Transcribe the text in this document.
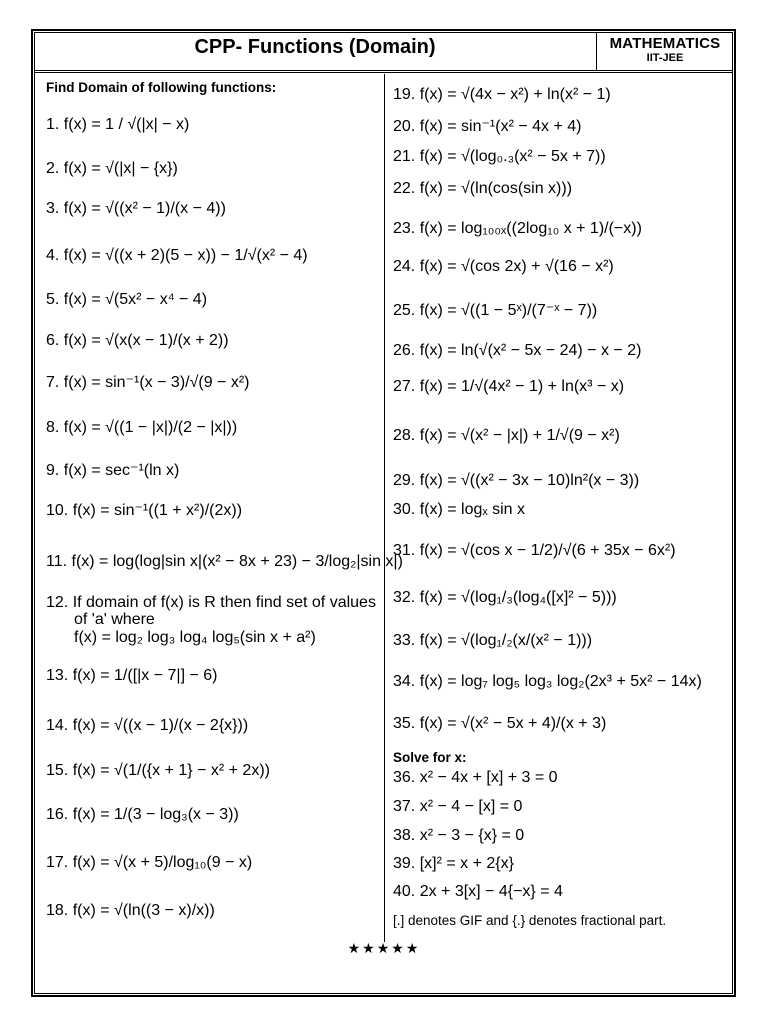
CPP- Functions (Domain)	MATHEMATICS
IIT-JEE
Find Domain of following functions:
1. f(x) = 1 / √(|x| − x)
2. f(x) = √(|x| − {x})
3. f(x) = √((x² − 1)/(x − 4))
4. f(x) = √((x + 2)(5 − x)) − 1/√(x² − 4)
5. f(x) = √(5x² − x⁴ − 4)
6. f(x) = √(x(x − 1)/(x + 2))
7. f(x) = sin⁻¹(x − 3)/√(9 − x²)
8. f(x) = √((1 − |x|)/(2 − |x|))
9. f(x) = sec⁻¹(ln x)
10. f(x) = sin⁻¹((1 + x²)/(2x))
11. f(x) = log(log|sin x|(x² − 8x + 23) − 3/log₂|sin x|)
12. If domain of f(x) is R then find set of values
of 'a' where
f(x) = log₂ log₃ log₄ log₅(sin x + a²)
13. f(x) = 1/([|x − 7|] − 6)
14. f(x) = √((x − 1)/(x − 2{x}))
15. f(x) = √(1/({x + 1} − x² + 2x))
16. f(x) = 1/(3 − log₃(x − 3))
17. f(x) = √(x + 5)/log₁₀(9 − x)
18. f(x) = √(ln((3 − x)/x))
19. f(x) = √(4x − x²) + ln(x² − 1)
20. f(x) = sin⁻¹(x² − 4x + 4)
21. f(x) = √(log₀.₃(x² − 5x + 7))
22. f(x) = √(ln(cos(sin x)))
23. f(x) = log₁₀₀ₓ((2log₁₀ x + 1)/(−x))
24. f(x) = √(cos 2x) + √(16 − x²)
25. f(x) = √((1 − 5ˣ)/(7⁻ˣ − 7))
26. f(x) = ln(√(x² − 5x − 24) − x − 2)
27. f(x) = 1/√(4x² − 1) + ln(x³ − x)
28. f(x) = √(x² − |x|) + 1/√(9 − x²)
29. f(x) = √((x² − 3x − 10)ln²(x − 3))
30. f(x) = logₓ sin x
31. f(x) = √(cos x − 1/2)/√(6 + 35x − 6x²)
32. f(x) = √(log₁/₃(log₄([x]² − 5)))
33. f(x) = √(log₁/₂(x/(x² − 1)))
34. f(x) = log₇ log₅ log₃ log₂(2x³ + 5x² − 14x)
35. f(x) = √(x² − 5x + 4)/(x + 3)
Solve for x:
36. x² − 4x + [x] + 3 = 0
37. x² − 4 − [x] = 0
38. x² − 3 − {x} = 0
39. [x]² = x + 2{x}
40. 2x + 3[x] − 4{−x} = 4
[.] denotes GIF and {.} denotes fractional part.
★★★★★
